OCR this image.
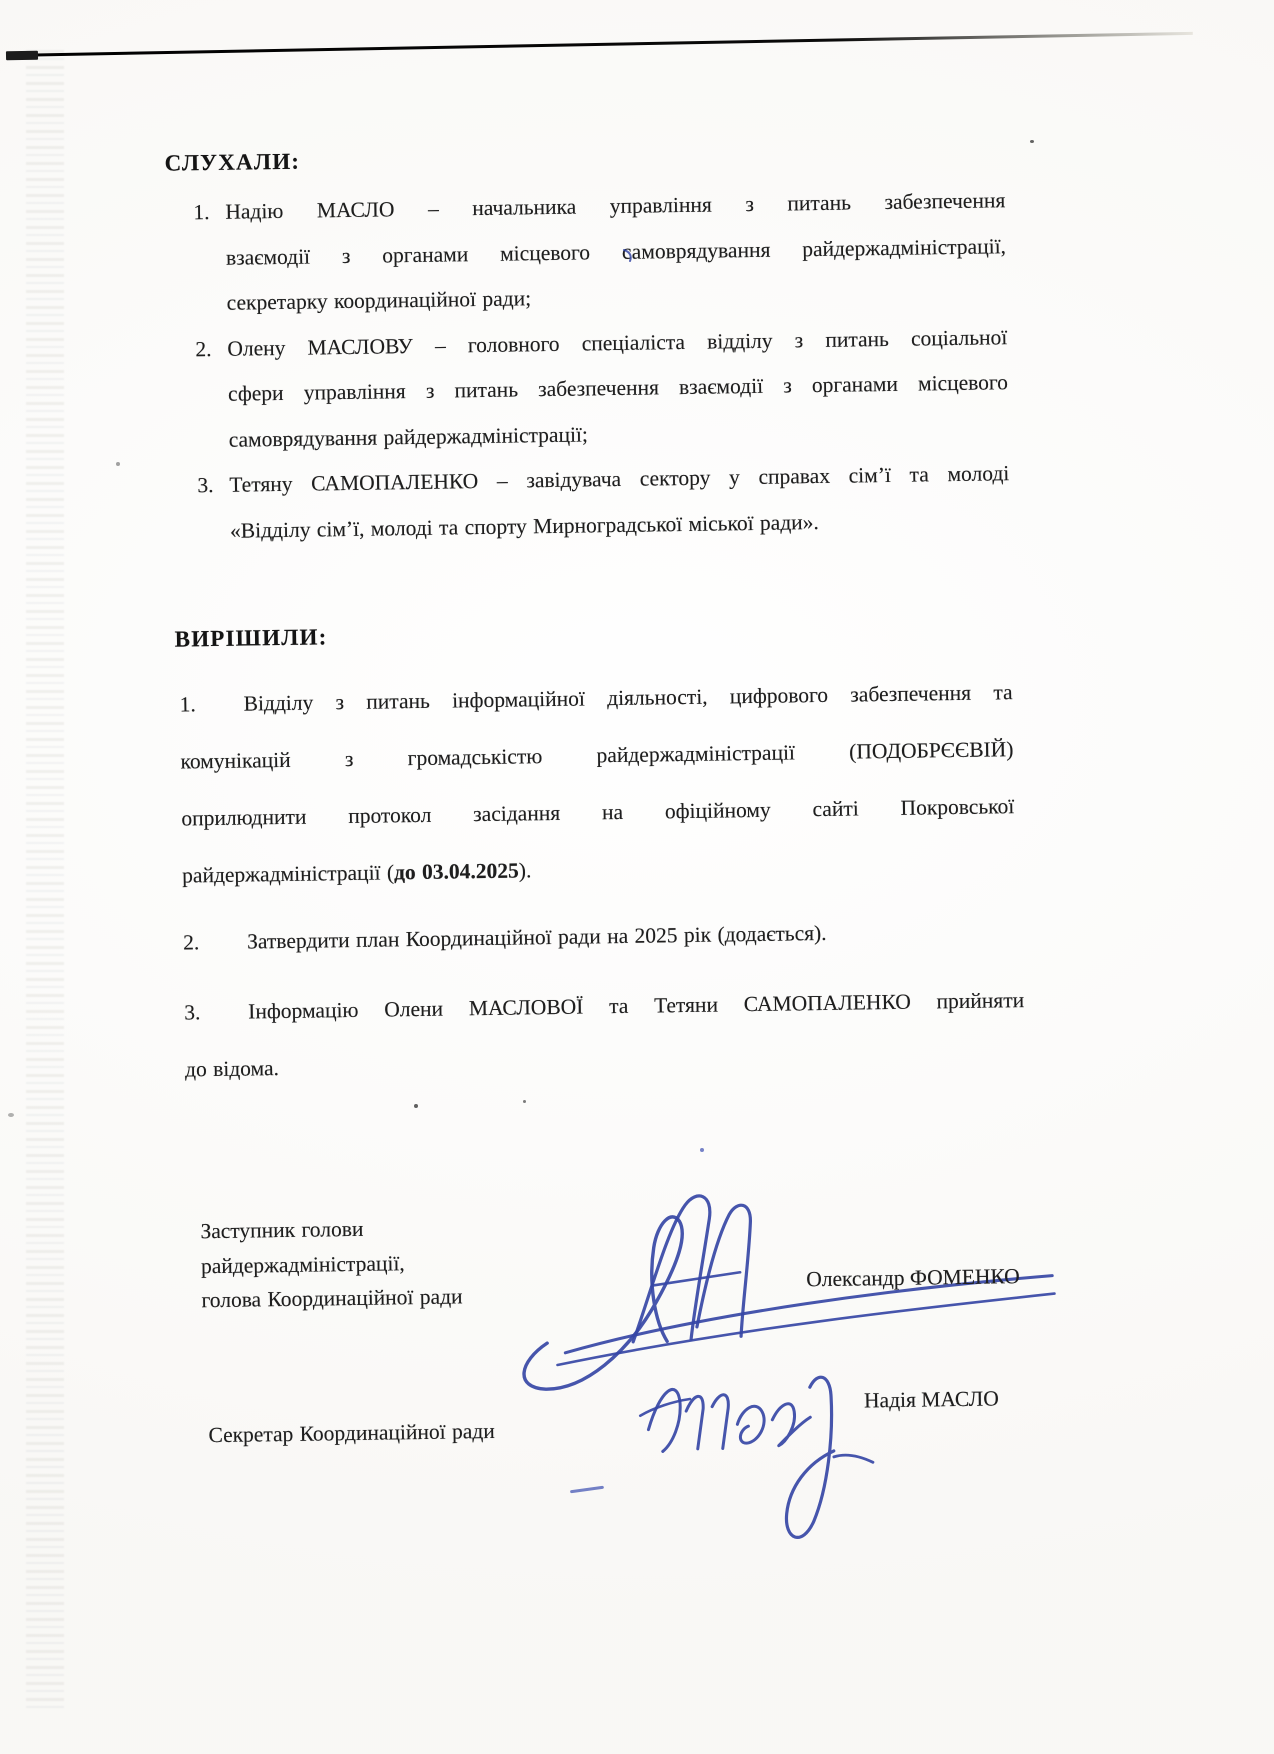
СЛУХАЛИ:
1. Надію МАСЛО – начальника управління з питань забезпечення
взаємодії з органами місцевого самоврядування райдержадміністрації,
секретарку координаційної ради;
2. Олену МАСЛОВУ – головного спеціаліста відділу з питань соціальної
сфери управління з питань забезпечення взаємодії з органами місцевого
самоврядування райдержадміністрації;
3. Тетяну САМОПАЛЕНКО – завідувача сектору у справах сім’ї та молоді
«Відділу сім’ї, молоді та спорту Мирноградської міської ради».
ВИРІШИЛИ:
1.	Відділу з питань інформаційної діяльності, цифрового забезпечення та
комунікацій з громадськістю райдержадміністрації (ПОДОБРЄЄВІЙ)
оприлюднити протокол засідання на офіційному сайті Покровської
райдержадміністрації (до 03.04.2025).
2.	Затвердити план Координаційної ради на 2025 рік (додається).
3.	Інформацію Олени МАСЛОВОЇ та Тетяни САМОПАЛЕНКО прийняти
до відома.
Заступник голови
райдержадміністрації,
голова Координаційної ради
Олександр ФОМЕНКО
Секретар Координаційної ради
Надія МАСЛО
